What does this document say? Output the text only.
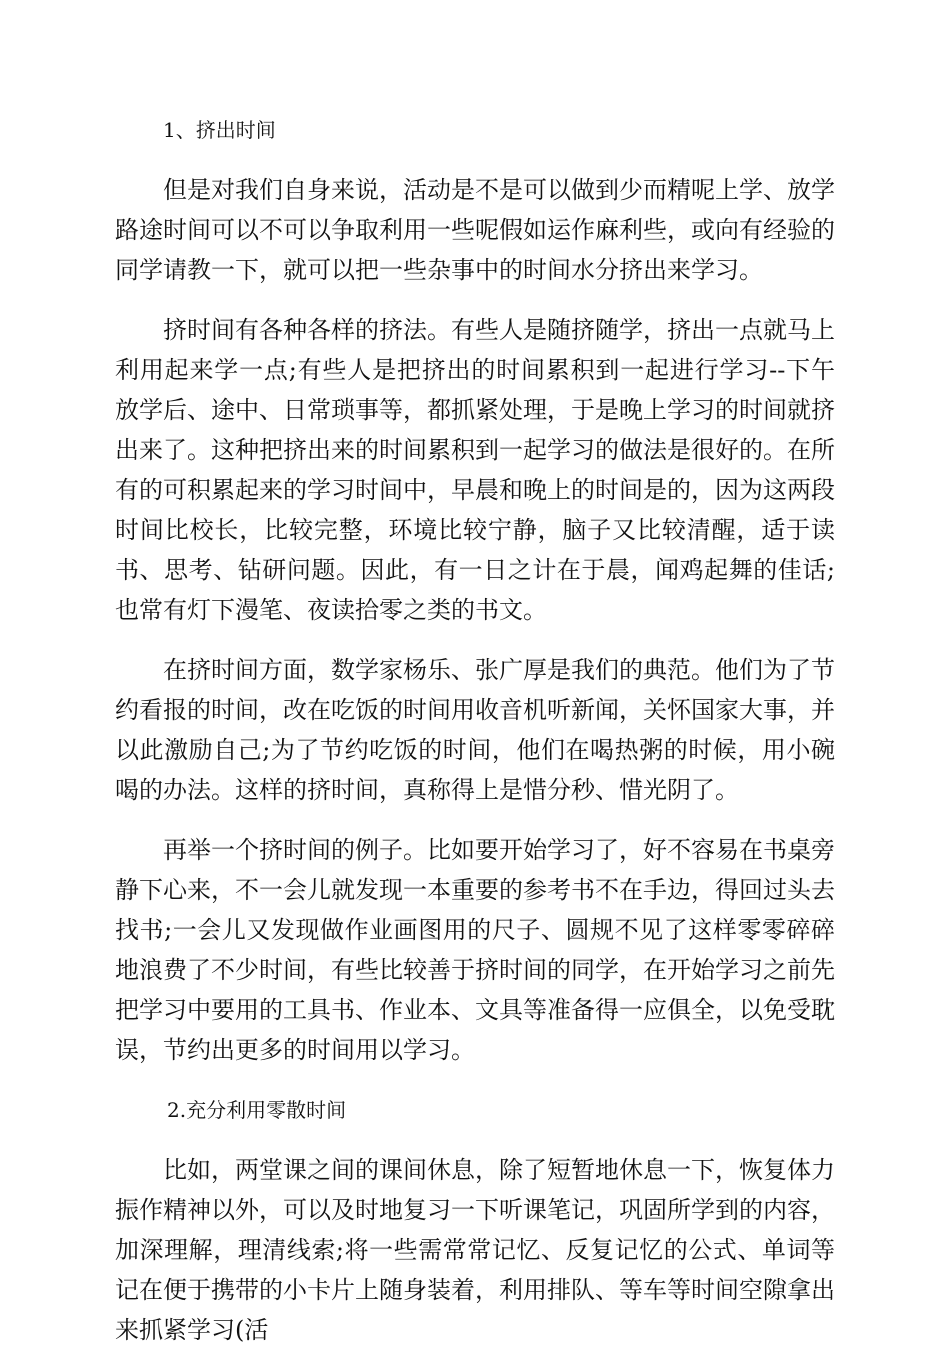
1、挤出时间

但是对我们自身来说，活动是不是可以做到少而精呢上学、放学路途时间可以不可以争取利用一些呢假如运作麻利些，或向有经验的同学请教一下，就可以把一些杂事中的时间水分挤出来学习。

挤时间有各种各样的挤法。有些人是随挤随学，挤出一点就马上利用起来学一点;有些人是把挤出的时间累积到一起进行学习--下午放学后、途中、日常琐事等，都抓紧处理，于是晚上学习的时间就挤出来了。这种把挤出来的时间累积到一起学习的做法是很好的。在所有的可积累起来的学习时间中，早晨和晚上的时间是的，因为这两段时间比校长，比较完整，环境比较宁静，脑子又比较清醒，适于读书、思考、钻研问题。因此，有一日之计在于晨，闻鸡起舞的佳话;也常有灯下漫笔、夜读拾零之类的书文。

在挤时间方面，数学家杨乐、张广厚是我们的典范。他们为了节约看报的时间，改在吃饭的时间用收音机听新闻，关怀国家大事，并以此激励自己;为了节约吃饭的时间，他们在喝热粥的时候，用小碗喝的办法。这样的挤时间，真称得上是惜分秒、惜光阴了。

再举一个挤时间的例子。比如要开始学习了，好不容易在书桌旁静下心来，不一会儿就发现一本重要的参考书不在手边，得回过头去找书;一会儿又发现做作业画图用的尺子、圆规不见了这样零零碎碎地浪费了不少时间，有些比较善于挤时间的同学，在开始学习之前先把学习中要用的工具书、作业本、文具等准备得一应俱全，以免受耽误，节约出更多的时间用以学习。

2.充分利用零散时间

比如，两堂课之间的课间休息，除了短暂地休息一下，恢复体力振作精神以外，可以及时地复习一下听课笔记，巩固所学到的内容，加深理解，理清线索;将一些需常常记忆、反复记忆的公式、单词等记在便于携带的小卡片上随身装着，利用排队、等车等时间空隙拿出来抓紧学习(活
